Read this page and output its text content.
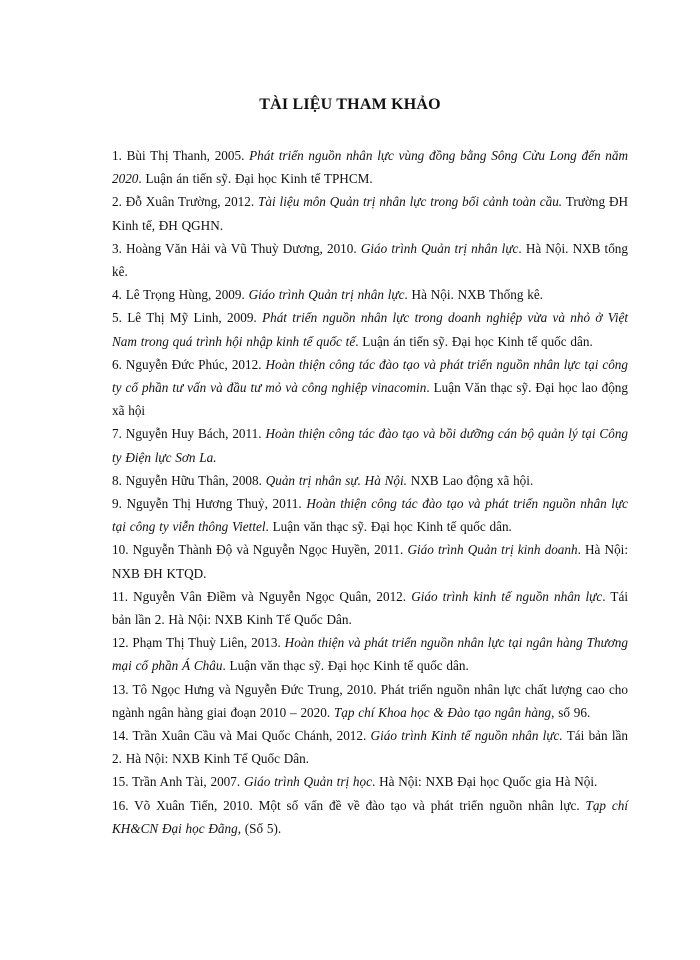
TÀI LIỆU THAM KHẢO

1. Bùi Thị Thanh, 2005. Phát triển nguồn nhân lực vùng đồng bằng Sông Cửu Long đến năm 2020. Luận án tiến sỹ. Đại học Kinh tế TPHCM.

2. Đỗ Xuân Trường, 2012. Tài liệu môn Quản trị nhân lực trong bối cảnh toàn cầu. Trường ĐH Kinh tế, ĐH QGHN.

3. Hoàng Văn Hải và Vũ Thuỳ Dương, 2010. Giáo trình Quản trị nhân lực. Hà Nội. NXB tổng kê.

4. Lê Trọng Hùng, 2009. Giáo trình Quản trị nhân lực. Hà Nội. NXB Thống kê.

5. Lê Thị Mỹ Linh, 2009. Phát triển nguồn nhân lực trong doanh nghiệp vừa và nhỏ ở Việt Nam trong quá trình hội nhập kinh tế quốc tế. Luận án tiến sỹ. Đại học Kinh tế quốc dân.

6. Nguyễn Đức Phúc, 2012. Hoàn thiện công tác đào tạo và phát triển nguồn nhân lực tại công ty cổ phần tư vấn và đầu tư mỏ và công nghiệp vinacomin. Luận Văn thạc sỹ. Đại học lao động xã hội

7. Nguyễn Huy Bách, 2011. Hoàn thiện công tác đào tạo và bồi dưỡng cán bộ quản lý tại Công ty Điện lực Sơn La.

8. Nguyễn Hữu Thân, 2008. Quản trị nhân sự. Hà Nội. NXB Lao động xã hội.

9. Nguyễn Thị Hương Thuỷ, 2011. Hoàn thiện công tác đào tạo và phát triển nguồn nhân lực tại công ty viễn thông Viettel. Luận văn thạc sỹ. Đại học Kinh tế quốc dân.

10. Nguyễn Thành Độ và Nguyễn Ngọc Huyền, 2011. Giáo trình Quản trị kinh doanh. Hà Nội: NXB ĐH KTQD.

11. Nguyễn Vân Điềm và Nguyễn Ngọc Quân, 2012. Giáo trình kinh tế nguồn nhân lực. Tái bản lần 2. Hà Nội: NXB Kinh Tế Quốc Dân.

12. Phạm Thị Thuỳ Liên, 2013. Hoàn thiện và phát triển nguồn nhân lực tại ngân hàng Thương mại cổ phần Á Châu. Luận văn thạc sỹ. Đại học Kinh tế quốc dân.

13. Tô Ngọc Hưng và Nguyễn Đức Trung, 2010. Phát triển nguồn nhân lực chất lượng cao cho ngành ngân hàng giai đoạn 2010 – 2020. Tạp chí Khoa học & Đào tạo ngân hàng, số 96.

14. Trần Xuân Cầu và Mai Quốc Chánh, 2012. Giáo trình Kinh tế nguồn nhân lực. Tái bản lần 2. Hà Nội: NXB Kinh Tế Quốc Dân.

15. Trần Anh Tài, 2007. Giáo trình Quản trị học. Hà Nội: NXB Đại học Quốc gia Hà Nội.

16. Võ Xuân Tiến, 2010. Một số vấn đề về đào tạo và phát triển nguồn nhân lực. Tạp chí KH&CN Đại học Đãng, (Số 5).
